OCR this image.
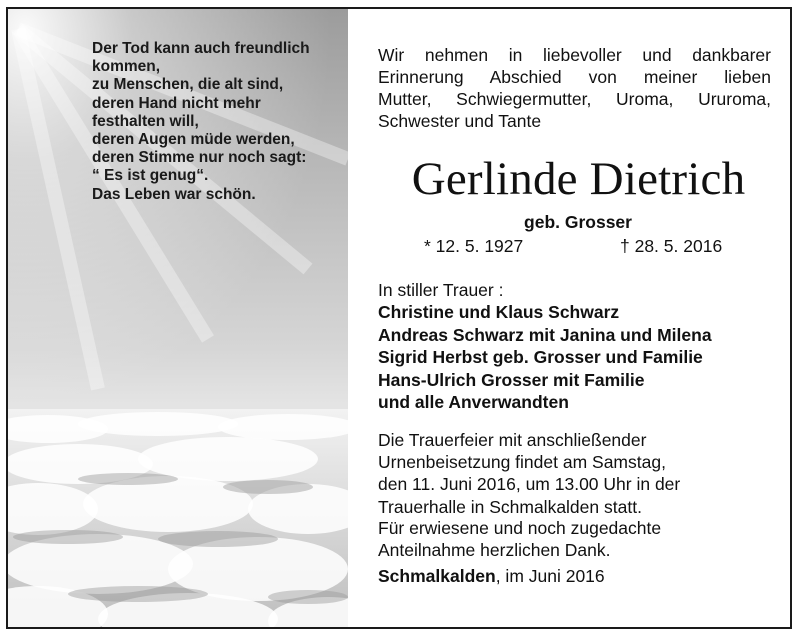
Der Tod kann auch freundlich
kommen,
zu Menschen, die alt sind,
deren Hand nicht mehr
festhalten will,
deren Augen müde werden,
deren Stimme nur noch sagt:
“ Es ist genug“.
Das Leben war schön.

Wir nehmen in liebevoller und dankbarer
Erinnerung Abschied von meiner lieben
Mutter, Schwiegermutter, Uroma, Ururoma,
Schwester und Tante

Gerlinde Dietrich

geb. Grosser

* 12. 5. 1927	† 28. 5. 2016

In stiller Trauer :

Christine und Klaus Schwarz
Andreas Schwarz mit Janina und Milena
Sigrid Herbst geb. Grosser und Familie
Hans-Ulrich Grosser mit Familie
und alle Anverwandten

Die Trauerfeier mit anschließender
Urnenbeisetzung findet am Samstag,
den 11. Juni 2016, um 13.00 Uhr in der
Trauerhalle in Schmalkalden statt.

Für erwiesene und noch zugedachte
Anteilnahme herzlichen Dank.

Schmalkalden, im Juni 2016
